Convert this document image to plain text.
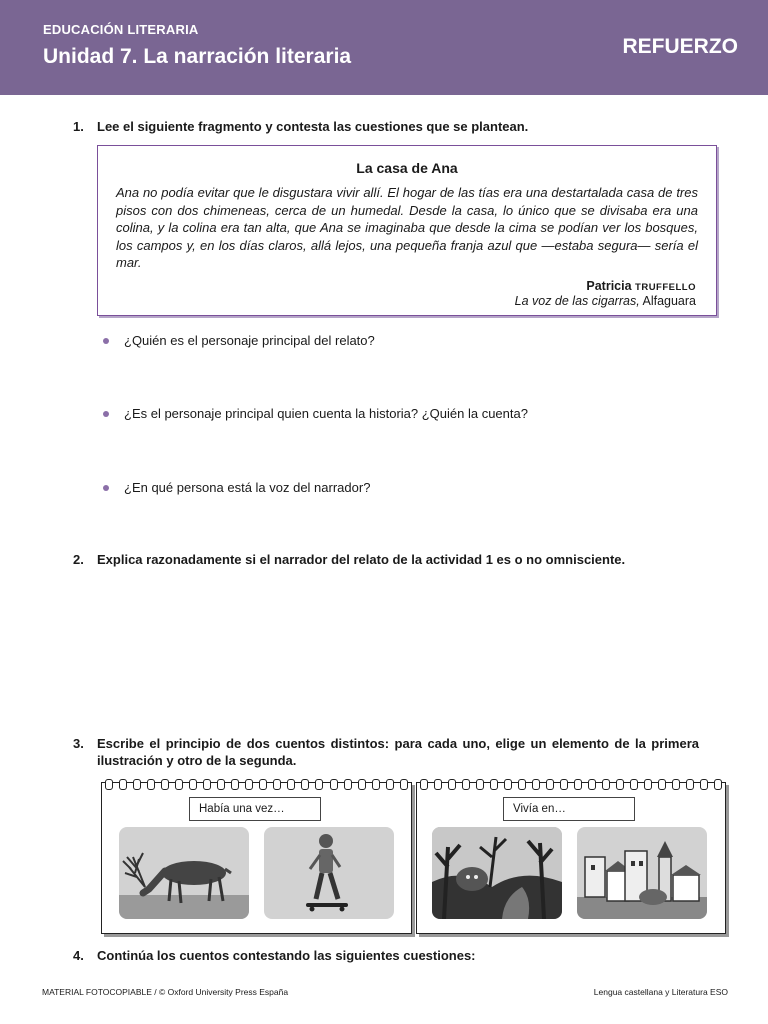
EDUCACIÓN LITERARIA
Unidad 7. La narración literaria	REFUERZO
1.	Lee el siguiente fragmento y contesta las cuestiones que se plantean.
La casa de Ana
Ana no podía evitar que le disgustara vivir allí. El hogar de las tías era una destartalada casa de tres pisos con dos chimeneas, cerca de un humedal. Desde la casa, lo único que se divisaba era una colina, y la colina era tan alta, que Ana se imaginaba que desde la cima se podían ver los bosques, los campos y, en los días claros, allá lejos, una pequeña franja azul que —estaba segura— sería el mar.
Patricia TRUFFELLO
La voz de las cigarras, Alfaguara
¿Quién es el personaje principal del relato?
¿Es el personaje principal quien cuenta la historia? ¿Quién la cuenta?
¿En qué persona está la voz del narrador?
2.	Explica razonadamente si el narrador del relato de la actividad 1 es o no omnisciente.
3.	Escribe el principio de dos cuentos distintos: para cada uno, elige un elemento de la primera ilustración y otro de la segunda.
Había una vez…	Vivía en…
4.	Continúa los cuentos contestando las siguientes cuestiones:
MATERIAL FOTOCOPIABLE / © Oxford University Press España	Lengua castellana y Literatura ESO
